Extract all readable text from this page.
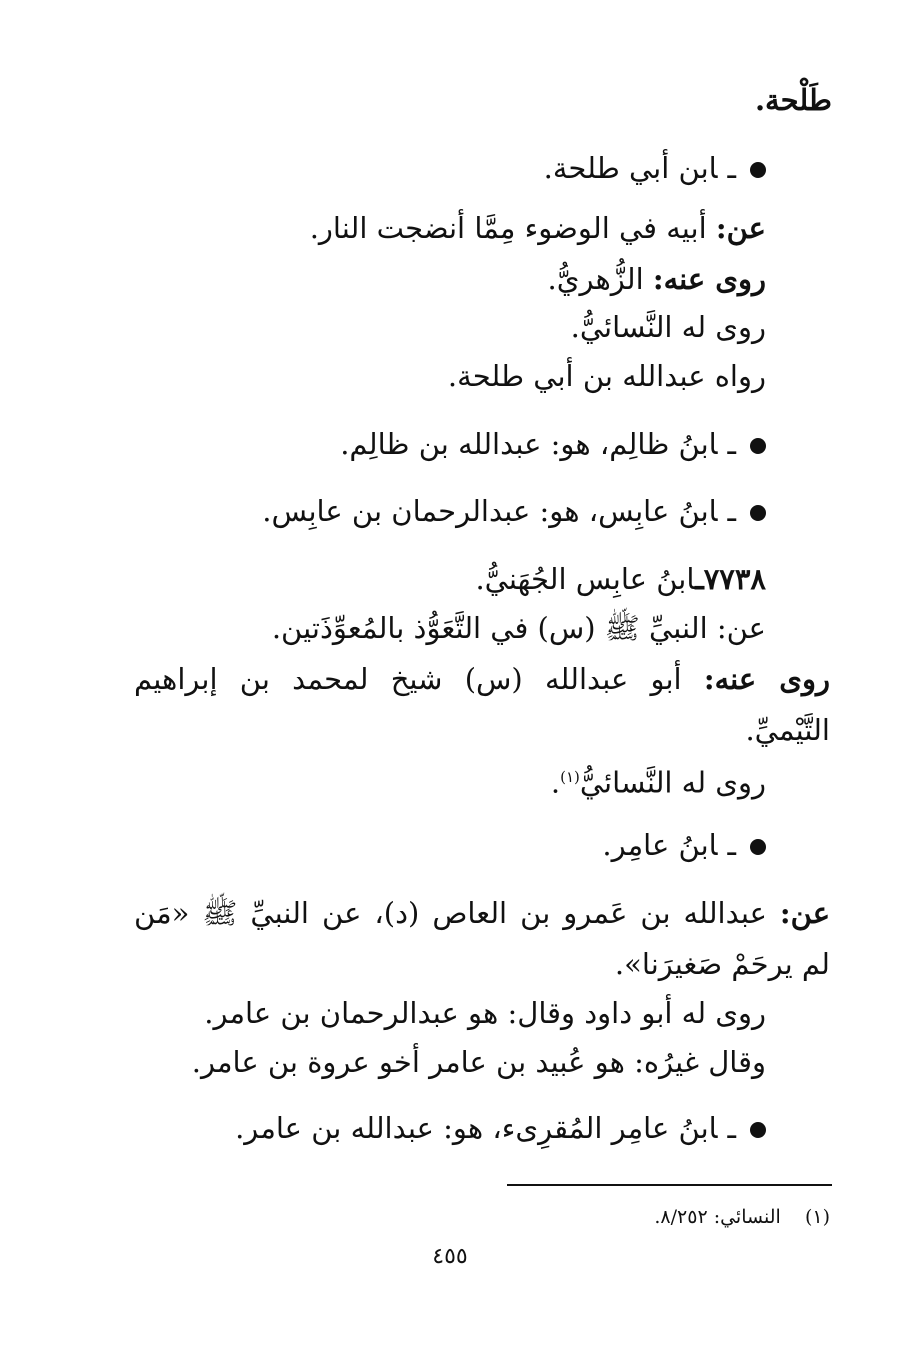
طَلْحة.
ـابن أبي طلحة.
عن: أبيه في الوضوء مِمَّا أنضجت النار.
روى عنه: الزُّهريُّ.
روى له النَّسائيُّ.
رواه عبدالله بن أبي طلحة.
ـابنُ ظالِم، هو: عبدالله بن ظالِم.
ـابنُ عابِس، هو: عبدالرحمان بن عابِس.
٧٧٣٨ـابنُ عابِس الجُهَنيُّ.
عن: النبيِّ ﷺ (س) في التَّعَوُّذ بالمُعوِّذَتين.
روى عنه: أبو عبدالله (س) شيخ لمحمد بن إبراهيم
التَّيْميِّ.
روى له النَّسائيُّ$^{(١)}$.
ـابنُ عامِر.
عن: عبدالله بن عَمرو بن العاص (د)، عن النبيِّ ﷺ «مَن
لم يرحَمْ صَغيرَنا».
روى له أبو داود وقال: هو عبدالرحمان بن عامر.
وقال غيرُه: هو عُبيد بن عامر أخو عروة بن عامر.
ـابنُ عامِر المُقرِىء، هو: عبدالله بن عامر.
(١)    النسائي: ٨/٢٥٢.
٤٥٥
